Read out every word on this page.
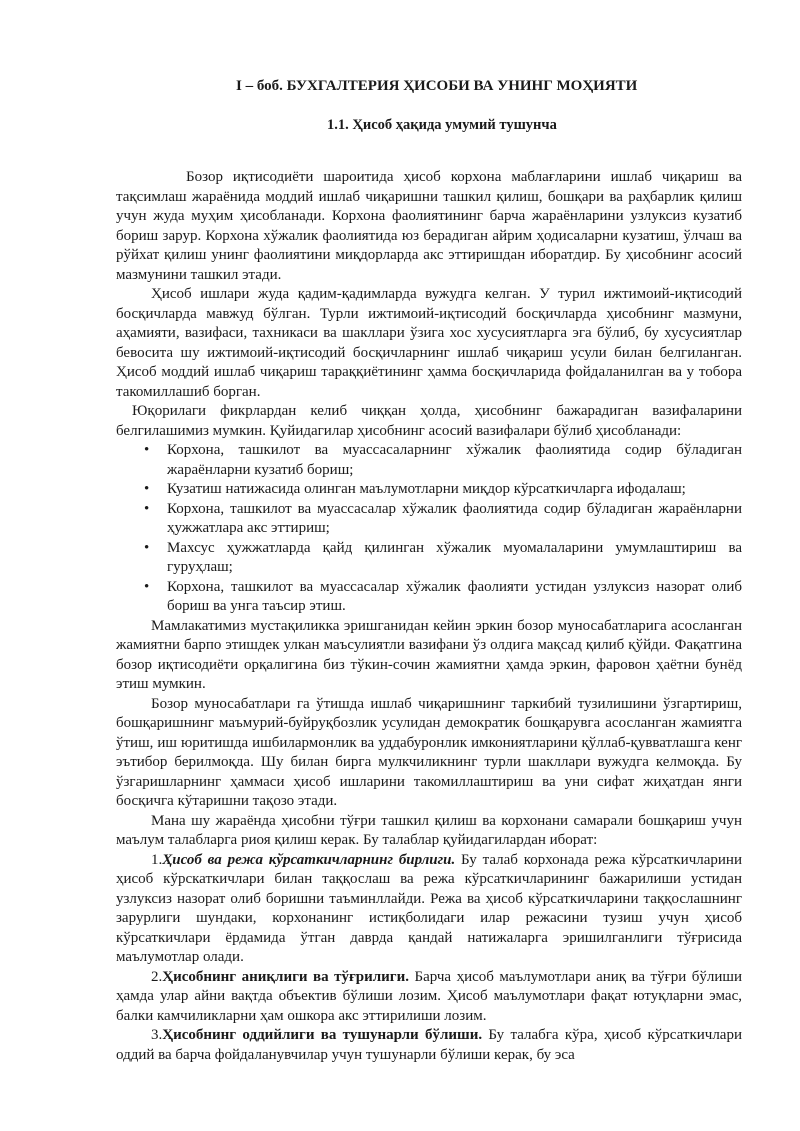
I – боб. БУХГАЛТЕРИЯ ҲИСОБИ ВА УНИНГ МОҲИЯТИ
1.1. Ҳисоб ҳақида умумий тушунча

Бозор иқтисодиёти шароитида ҳисоб корхона маблағларини ишлаб чиқариш ва тақсимлаш жараёнида моддий ишлаб чиқаришни ташкил қилиш, бошқари ва раҳбарлик қилиш учун жуда муҳим ҳисобланади. Корхона фаолиятининг барча жараёнларини узлуксиз кузатиб бориш зарур. Корхона хўжалик фаолиятида юз берадиган айрим ҳодисаларни кузатиш, ўлчаш ва рўйхат қилиш унинг фаолиятини миқдорларда акс эттиришдан иборатдир. Бу ҳисобнинг асосий мазмунини ташкил этади.

Ҳисоб ишлари жуда қадим-қадимларда вужудга келган. У турил ижтимоий-иқтисодий босқичларда мавжуд бўлган. Турли ижтимоий-иқтисодий босқичларда ҳисобнинг мазмуни, аҳамияти, вазифаси, тахникаси ва шакллари ўзига хос хусусиятларга эга бўлиб, бу хусусиятлар бевосита шу ижтимоий-иқтисодий босқичларнинг ишлаб чиқариш усули билан белгиланган. Ҳисоб моддий ишлаб чиқариш тараққиётининг ҳамма босқичларида фойдаланилган ва у тобора такомиллашиб борган.

Юқорилаги фикрлардан келиб чиққан ҳолда, ҳисобнинг бажарадиган вазифаларини белгилашимиз мумкин. Қуйидагилар ҳисобнинг асосий вазифалари бўлиб ҳисобланади:

• Корхона, ташкилот ва муассасаларнинг хўжалик фаолиятида содир бўладиган жараёнларни кузатиб бориш;
• Кузатиш натижасида олинган маълумотларни миқдор кўрсаткичларга ифодалаш;
• Корхона, ташкилот ва муассасалар хўжалик фаолиятида содир бўладиган жараёнларни ҳужжатлара акс эттириш;
• Махсус ҳужжатларда қайд қилинган хўжалик муомалаларини умумлаштириш ва гуруҳлаш;
• Корхона, ташкилот ва муассасалар хўжалик фаолияти устидан узлуксиз назорат олиб бориш ва унга таъсир этиш.

Мамлакатимиз мустақиликка эришганидан кейин эркин бозор муносабатларига асосланган жамиятни барпо этишдек улкан маъсулиятли вазифани ўз олдига мақсад қилиб қўйди. Фақатгина бозор иқтисодиёти орқалигина биз тўкин-сочин жамиятни ҳамда эркин, фаровон ҳаётни бунёд этиш мумкин.

Бозор муносабатлари га ўтишда ишлаб чиқаришнинг таркибий тузилишини ўзгартириш, бошқаришнинг маъмурий-буйруқбозлик усулидан демократик бошқарувга асосланган жамиятга ўтиш, иш юритишда ишбилармонлик ва уддабуронлик имкониятларини қўллаб-қувватлашга кенг эътибор берилмоқда. Шу билан бирга мулкчиликнинг турли шакллари вужудга келмоқда. Бу ўзгаришларнинг ҳаммаси ҳисоб ишларини такомиллаштириш ва уни сифат жиҳатдан янги босқичга кўтаришни тақозо этади.

Мана шу жараёнда ҳисобни тўғри ташкил қилиш ва корхонани самарали бошқариш учун маълум талабларга риоя қилиш керак. Бу талаблар қуйидагилардан иборат:

1.Ҳисоб ва режа кўрсаткичларнинг бирлиги. Бу талаб корхонада режа кўрсаткичларини ҳисоб кўрскаткичлари билан таққослаш ва режа кўрсаткичларининг бажарилиши устидан узлуксиз назорат олиб боришни таъминллайди. Режа ва ҳисоб кўрсаткичларини таққослашнинг зарурлиги шундаки, корхонанинг истиқболидаги илар режасини тузиш учун ҳисоб кўрсаткичлари ёрдамида ўтган даврда қандай натижаларга эришилганлиги тўғрисида маълумотлар олади.

2.Ҳисобнинг аниқлиги ва тўғрилиги. Барча ҳисоб маълумотлари аниқ ва тўғри бўлиши ҳамда улар айни вақтда объектив бўлиши лозим. Ҳисоб маълумотлари фақат ютуқларни эмас, балки камчиликларни ҳам ошкора акс эттирилиши лозим.

3.Ҳисобнинг оддийлиги ва тушунарли бўлиши. Бу талабга кўра, ҳисоб кўрсаткичлари оддий ва барча фойдаланувчилар учун тушунарли бўлиши керак, бу эса
